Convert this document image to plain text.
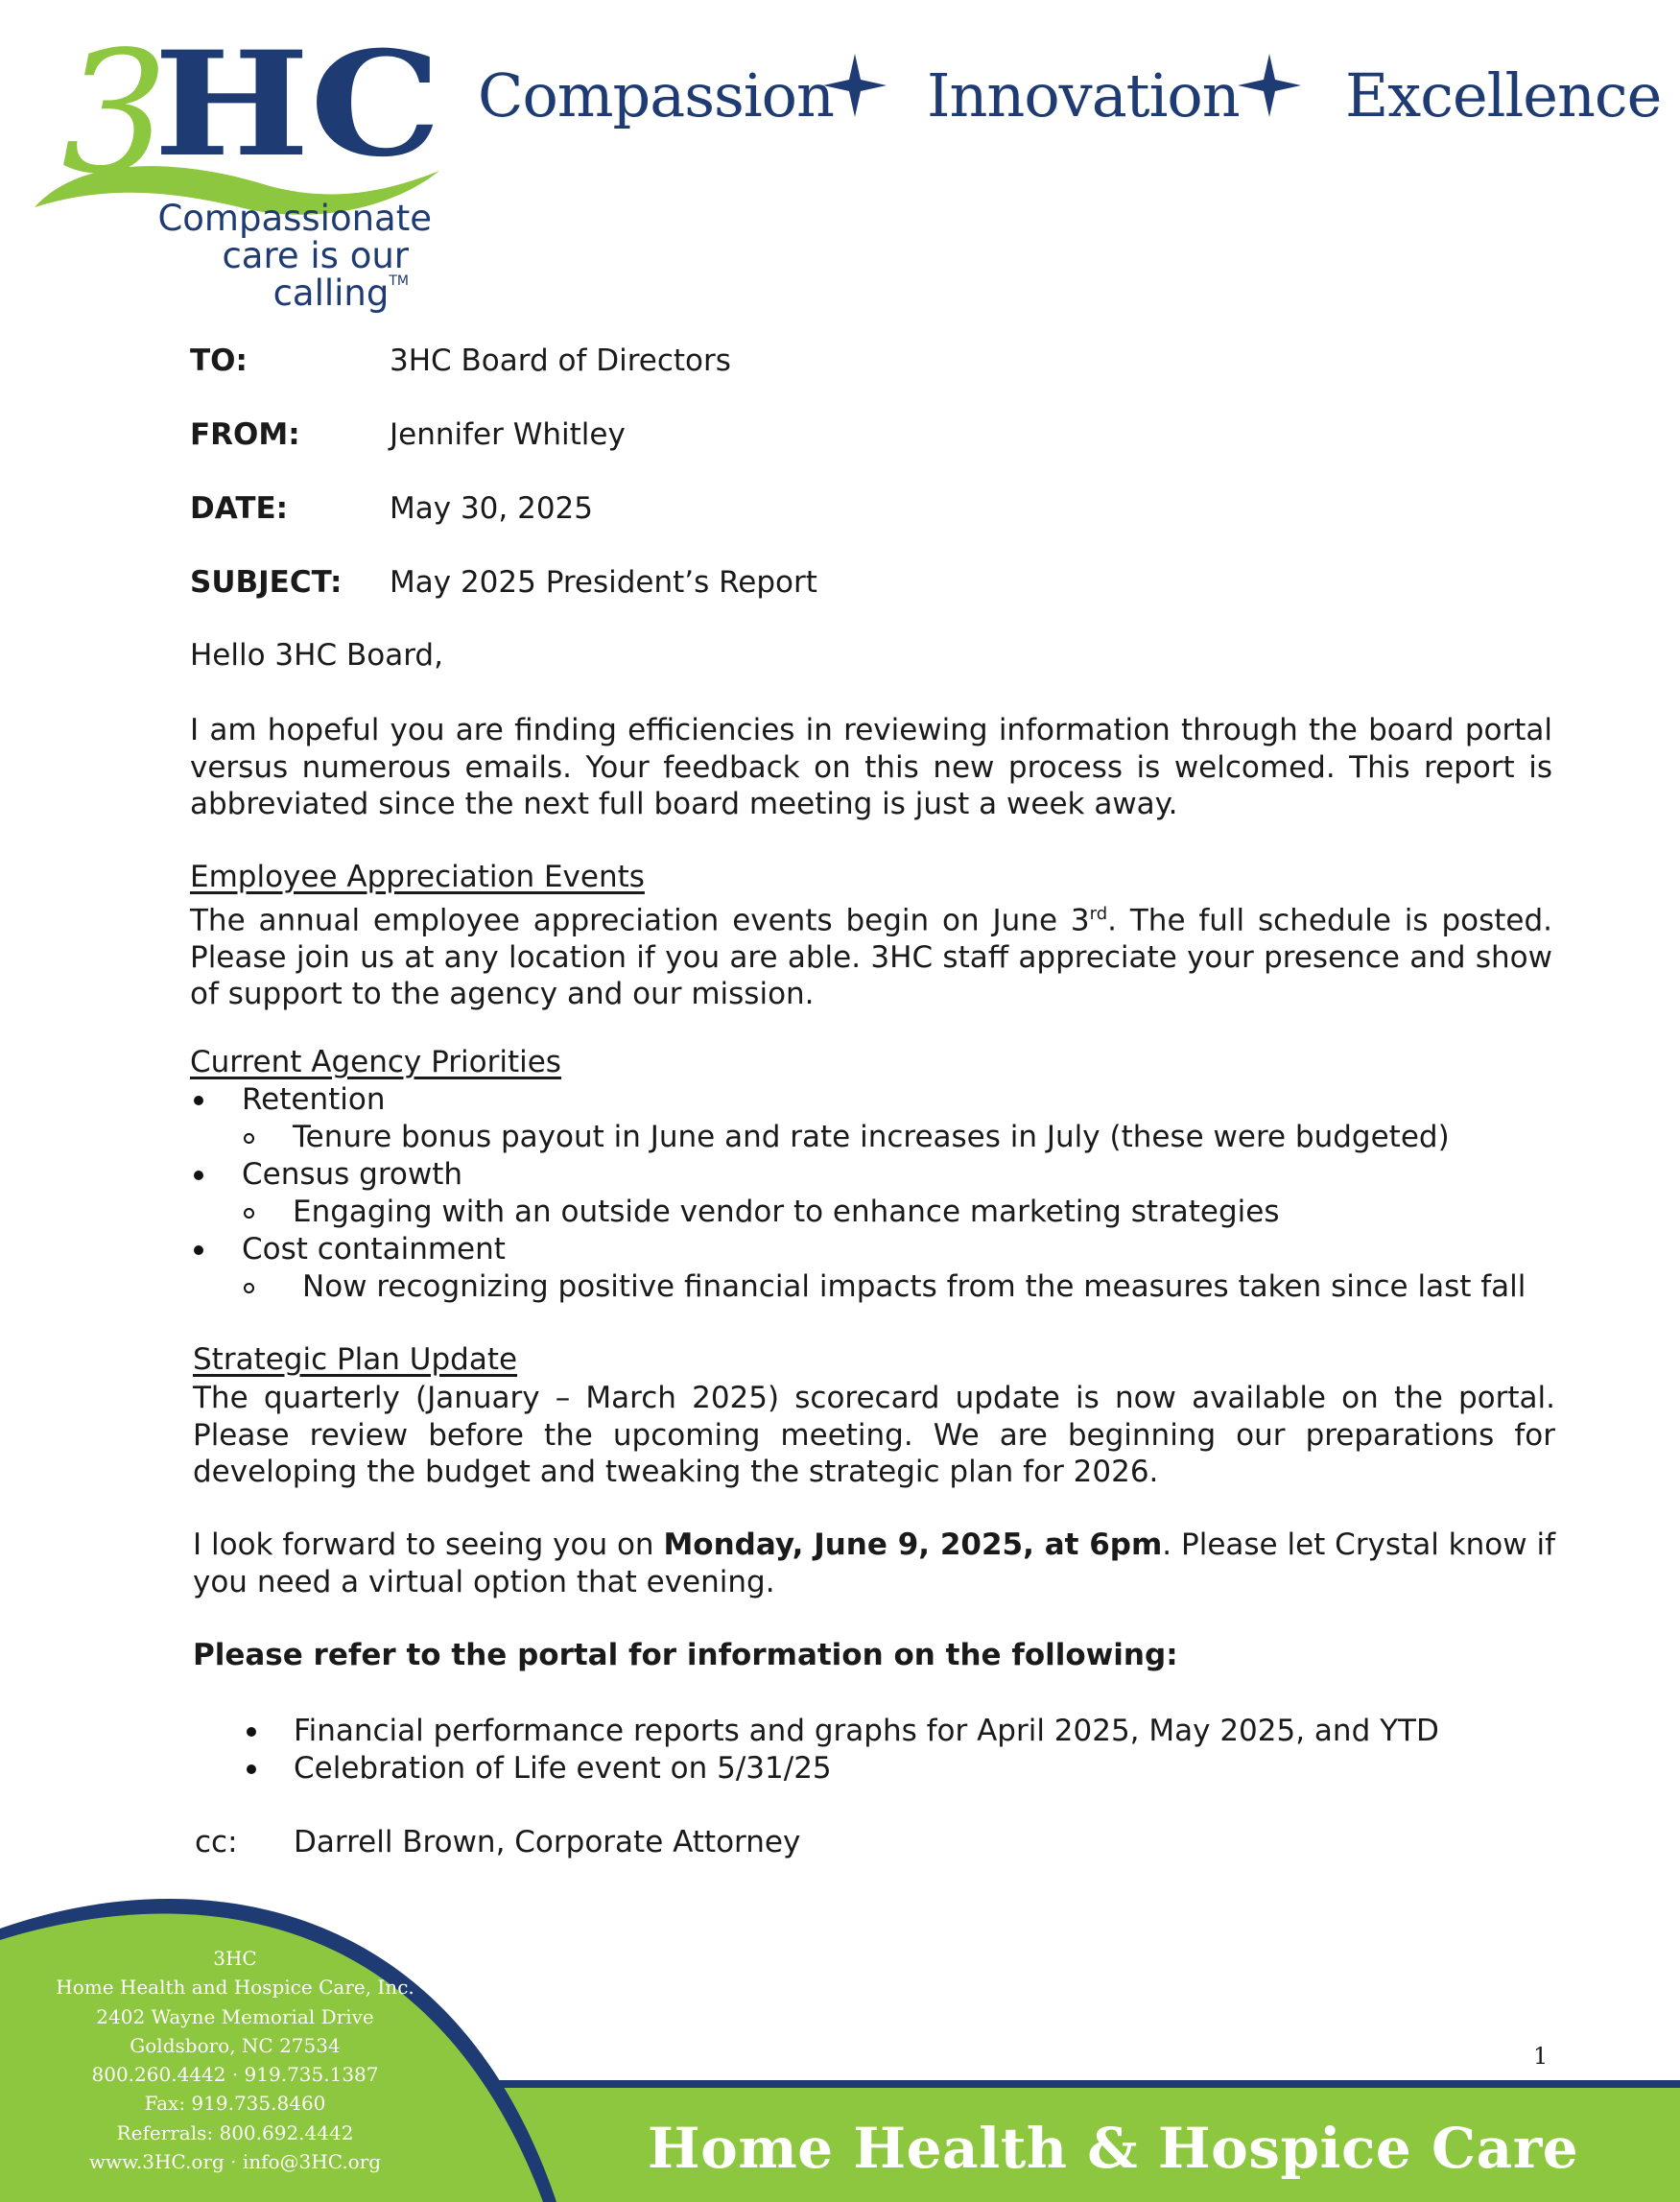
3
HC
Compassionate

care is our calling™
Compassion Innovation Excellence
TO:	3HC Board of Directors
FROM:	Jennifer Whitley
DATE:	May 30, 2025
SUBJECT: May 2025 President’s Report
Hello 3HC Board,
I am hopeful you are finding efficiencies in reviewing information through the board portal versus numerous emails. Your feedback on this new process is welcomed. This report is abbreviated since the next full board meeting is just a week away.
Employee Appreciation Events
The annual employee appreciation events begin on June 3rd. The full schedule is posted. Please join us at any location if you are able. 3HC staff appreciate your presence and show of support to the agency and our mission.
Current Agency Priorities
Retention
Tenure bonus payout in June and rate increases in July (these were budgeted)
Census growth
Engaging with an outside vendor to enhance marketing strategies
Cost containment
Now recognizing positive financial impacts from the measures taken since last fall
Strategic Plan Update
The quarterly (January – March 2025) scorecard update is now available on the portal. Please review before the upcoming meeting. We are beginning our preparations for developing the budget and tweaking the strategic plan for 2026.
I look forward to seeing you on Monday, June 9, 2025, at 6pm. Please let Crystal know if you need a virtual option that evening.
Please refer to the portal for information on the following:
Financial performance reports and graphs for April 2025, May 2025, and YTD
Celebration of Life event on 5/31/25
cc: Darrell Brown, Corporate Attorney
3HC
Home Health and Hospice Care, Inc.
2402 Wayne Memorial Drive
Goldsboro, NC 27534
800.260.4442 · 919.735.1387
Fax: 919.735.8460
Referrals: 800.692.4442
www.3HC.org · info@3HC.org
1
Home Health & Hospice Care
